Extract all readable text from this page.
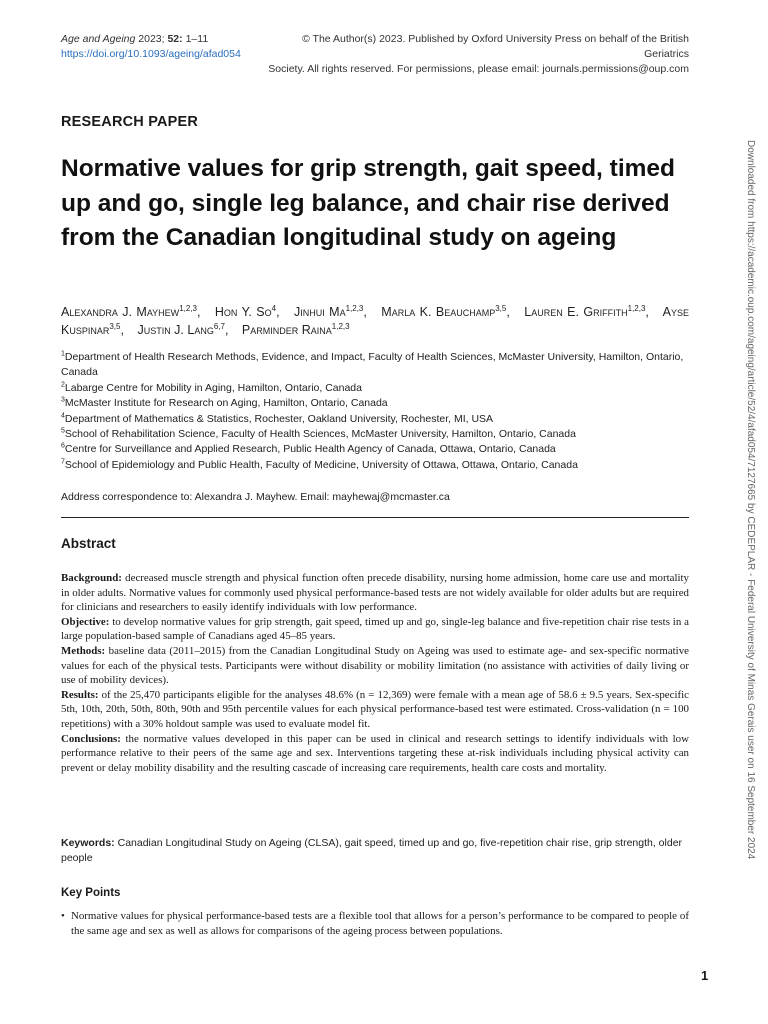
Age and Ageing 2023; 52: 1–11
https://doi.org/10.1093/ageing/afad054
© The Author(s) 2023. Published by Oxford University Press on behalf of the British Geriatrics
Society. All rights reserved. For permissions, please email: journals.permissions@oup.com
RESEARCH PAPER
Normative values for grip strength, gait speed, timed up and go, single leg balance, and chair rise derived from the Canadian longitudinal study on ageing
Alexandra J. Mayhew$^{1,2,3}$, Hon Y. So$^4$, Jinhui Ma$^{1,2,3}$, Marla K. Beauchamp$^{3,5}$, Lauren E. Griffith$^{1,2,3}$, Ayse Kuspinar$^{3,5}$, Justin J. Lang$^{6,7}$, Parminder Raina$^{1,2,3}$
$^1$Department of Health Research Methods, Evidence, and Impact, Faculty of Health Sciences, McMaster University, Hamilton, Ontario, Canada
$^2$Labarge Centre for Mobility in Aging, Hamilton, Ontario, Canada
$^3$McMaster Institute for Research on Aging, Hamilton, Ontario, Canada
$^4$Department of Mathematics & Statistics, Rochester, Oakland University, Rochester, MI, USA
$^5$School of Rehabilitation Science, Faculty of Health Sciences, McMaster University, Hamilton, Ontario, Canada
$^6$Centre for Surveillance and Applied Research, Public Health Agency of Canada, Ottawa, Ontario, Canada
$^7$School of Epidemiology and Public Health, Faculty of Medicine, University of Ottawa, Ottawa, Ontario, Canada
Address correspondence to: Alexandra J. Mayhew. Email: mayhewaj@mcmaster.ca
Abstract

Background: decreased muscle strength and physical function often precede disability, nursing home admission, home care use and mortality in older adults. Normative values for commonly used physical performance-based tests are not widely available for older adults but are required for clinicians and researchers to easily identify individuals with low performance.

Objective: to develop normative values for grip strength, gait speed, timed up and go, single-leg balance and five-repetition chair rise tests in a large population-based sample of Canadians aged 45–85 years.

Methods: baseline data (2011–2015) from the Canadian Longitudinal Study on Ageing was used to estimate age- and sex-specific normative values for each of the physical tests. Participants were without disability or mobility limitation (no assistance with activities of daily living or use of mobility devices).

Results: of the 25,470 participants eligible for the analyses 48.6% (n = 12,369) were female with a mean age of 58.6 ± 9.5 years. Sex-specific 5th, 10th, 20th, 50th, 80th, 90th and 95th percentile values for each physical performance-based test were estimated. Cross-validation (n = 100 repetitions) with a 30% holdout sample was used to evaluate model fit.

Conclusions: the normative values developed in this paper can be used in clinical and research settings to identify individuals with low performance relative to their peers of the same age and sex. Interventions targeting these at-risk individuals including physical activity can prevent or delay mobility disability and the resulting cascade of increasing care requirements, health care costs and mortality.

Keywords: Canadian Longitudinal Study on Ageing (CLSA), gait speed, timed up and go, five-repetition chair rise, grip strength, older people
Key Points
• Normative values for physical performance-based tests are a flexible tool that allows for a person’s performance to be compared to people of the same age and sex as well as allows for comparisons of the ageing process between populations.
Downloaded from https://academic.oup.com/ageing/article/52/4/afad054/7127665 by CEDEPLAR - Federal University of Minas Gerais user on 16 September 2024
1
